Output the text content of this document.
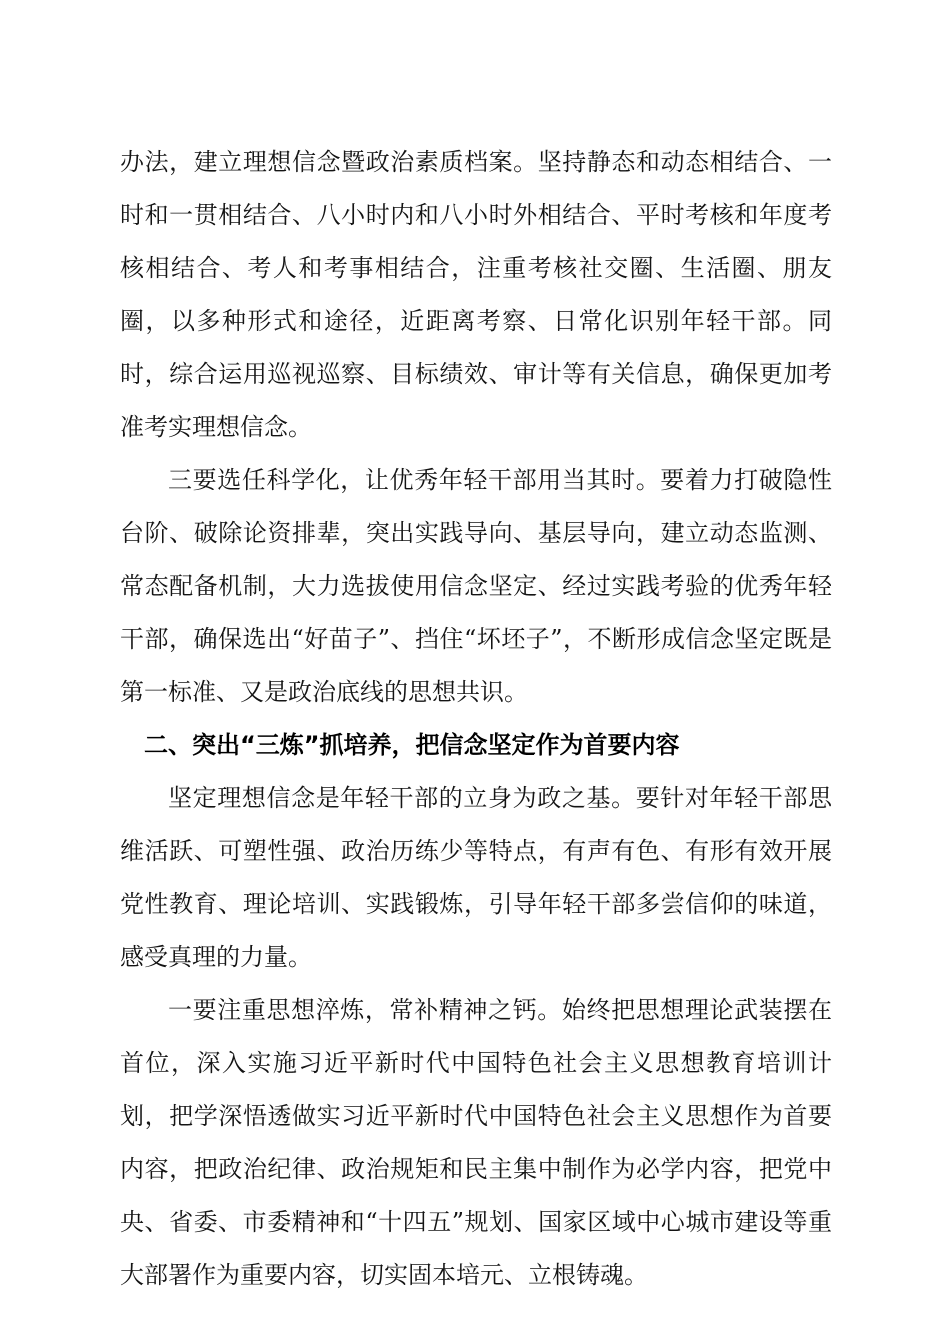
办法，建立理想信念暨政治素质档案。坚持静态和动态相结合、一时和一贯相结合、八小时内和八小时外相结合、平时考核和年度考核相结合、考人和考事相结合，注重考核社交圈、生活圈、朋友圈，以多种形式和途径，近距离考察、日常化识别年轻干部。同时，综合运用巡视巡察、目标绩效、审计等有关信息，确保更加考准考实理想信念。

三要选任科学化，让优秀年轻干部用当其时。要着力打破隐性台阶、破除论资排辈，突出实践导向、基层导向，建立动态监测、常态配备机制，大力选拔使用信念坚定、经过实践考验的优秀年轻干部，确保选出“好苗子”、挡住“坏坯子”，不断形成信念坚定既是第一标准、又是政治底线的思想共识。

二、突出“三炼”抓培养，把信念坚定作为首要内容

坚定理想信念是年轻干部的立身为政之基。要针对年轻干部思维活跃、可塑性强、政治历练少等特点，有声有色、有形有效开展党性教育、理论培训、实践锻炼，引导年轻干部多尝信仰的味道，感受真理的力量。

一要注重思想淬炼，常补精神之钙。始终把思想理论武装摆在首位，深入实施习近平新时代中国特色社会主义思想教育培训计划，把学深悟透做实习近平新时代中国特色社会主义思想作为首要内容，把政治纪律、政治规矩和民主集中制作为必学内容，把党中央、省委、市委精神和“十四五”规划、国家区域中心城市建设等重大部署作为重要内容，切实固本培元、立根铸魂。
